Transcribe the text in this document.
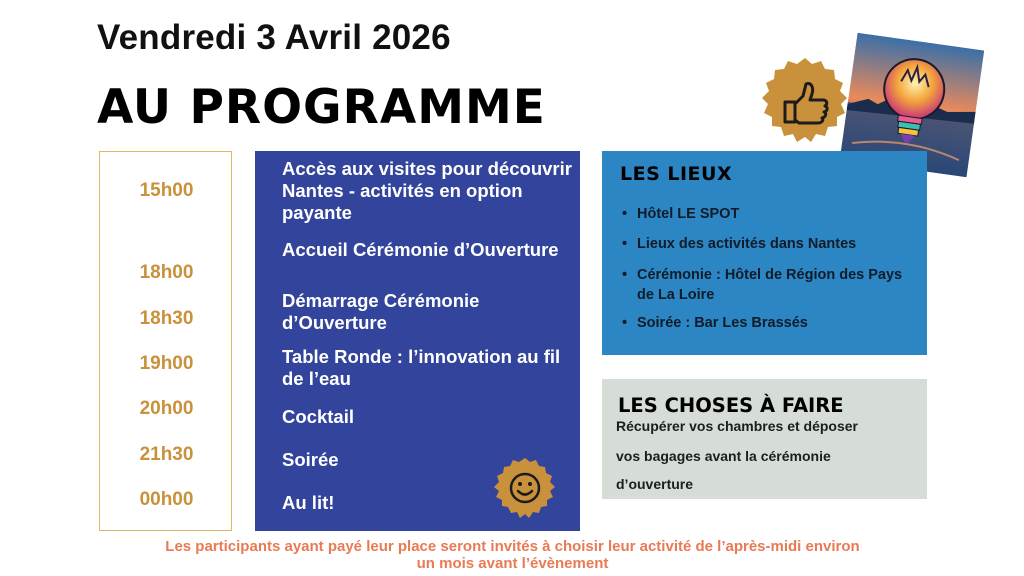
Vendredi 3 Avril 2026
AU PROGRAMME
15h00
18h00
18h30
19h00
20h00
21h30
00h00
Accès aux visites pour découvrir Nantes - activités en option payante
Accueil Cérémonie d’Ouverture
Démarrage Cérémonie d’Ouverture
Table Ronde : l’innovation au fil de l’eau
Cocktail
Soirée
Au lit!
LES LIEUX
• Hôtel LE SPOT
• Lieux des activités dans Nantes
• Cérémonie : Hôtel de Région des Pays de La Loire
• Soirée : Bar Les Brassés
LES CHOSES À FAIRE
Récupérer vos chambres et déposer
vos bagages avant la cérémonie
d’ouverture
Les participants ayant payé leur place seront invités à choisir leur activité de l’après-midi environ
un mois avant l’évènement
